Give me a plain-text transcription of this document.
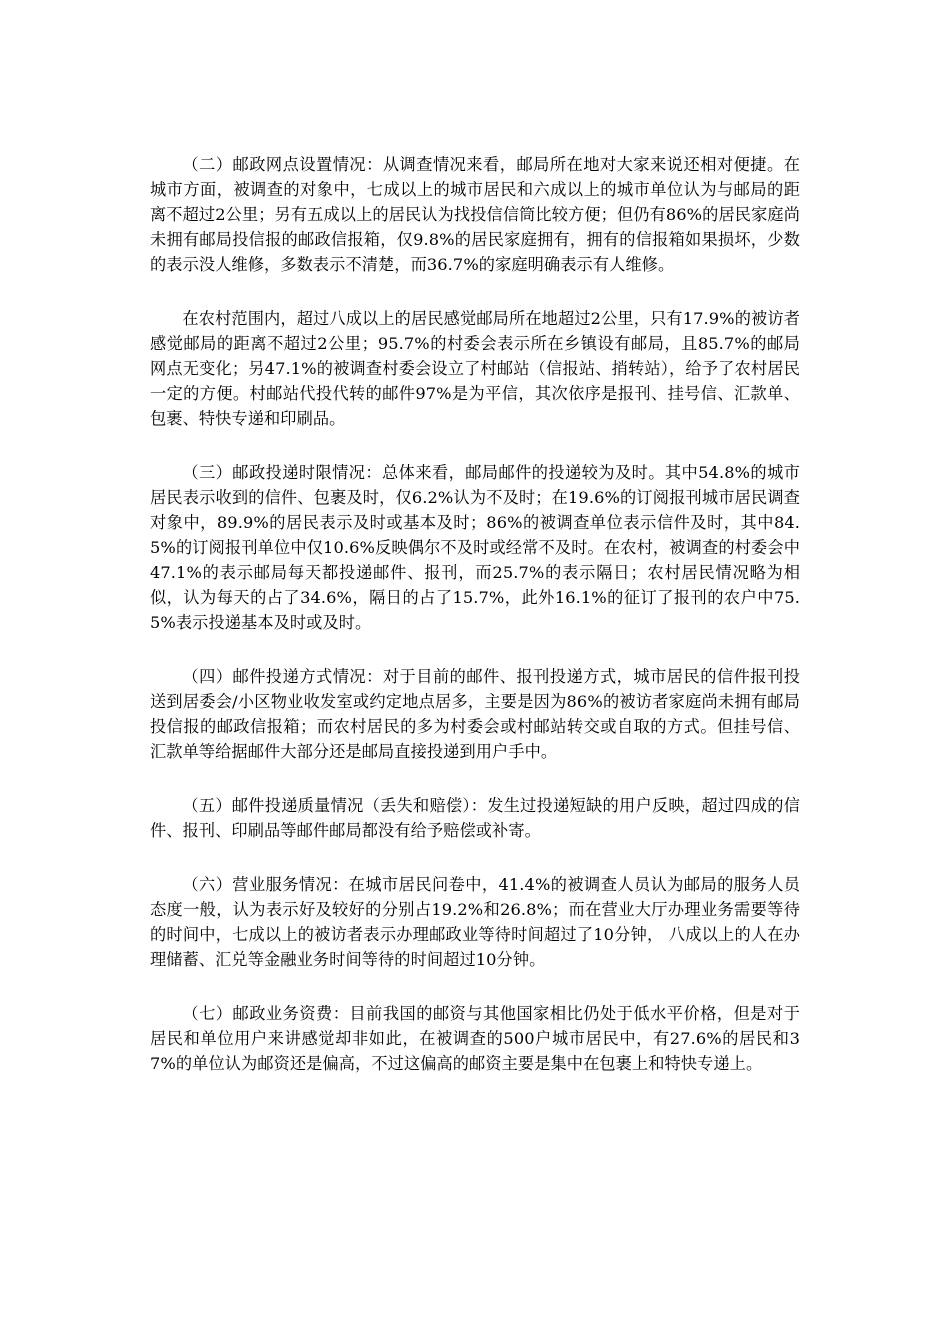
（二）邮政网点设置情况：从调查情况来看，邮局所在地对大家来说还相对便捷。在城市方面，被调查的对象中，七成以上的城市居民和六成以上的城市单位认为与邮局的距离不超过2公里；另有五成以上的居民认为找投信信筒比较方便；但仍有86%的居民家庭尚未拥有邮局投信报的邮政信报箱，仅9.8%的居民家庭拥有，拥有的信报箱如果损坏，少数的表示没人维修，多数表示不清楚，而36.7%的家庭明确表示有人维修。

在农村范围内，超过八成以上的居民感觉邮局所在地超过2公里，只有17.9%的被访者感觉邮局的距离不超过2公里；95.7%的村委会表示所在乡镇设有邮局，且85.7%的邮局网点无变化；另47.1%的被调查村委会设立了村邮站（信报站、捎转站），给予了农村居民一定的方便。村邮站代投代转的邮件97%是为平信，其次依序是报刊、挂号信、汇款单、包裹、特快专递和印刷品。

（三）邮政投递时限情况：总体来看，邮局邮件的投递较为及时。其中54.8%的城市居民表示收到的信件、包裹及时，仅6.2%认为不及时；在19.6%的订阅报刊城市居民调查对象中，89.9%的居民表示及时或基本及时；86%的被调查单位表示信件及时，其中84.5%的订阅报刊单位中仅10.6%反映偶尔不及时或经常不及时。在农村，被调查的村委会中47.1%的表示邮局每天都投递邮件、报刊，而25.7%的表示隔日；农村居民情况略为相似，认为每天的占了34.6%，隔日的占了15.7%，此外16.1%的征订了报刊的农户中75.5%表示投递基本及时或及时。

（四）邮件投递方式情况：对于目前的邮件、报刊投递方式，城市居民的信件报刊投送到居委会/小区物业收发室或约定地点居多，主要是因为86%的被访者家庭尚未拥有邮局投信报的邮政信报箱；而农村居民的多为村委会或村邮站转交或自取的方式。但挂号信、汇款单等给据邮件大部分还是邮局直接投递到用户手中。

（五）邮件投递质量情况（丢失和赔偿）：发生过投递短缺的用户反映，超过四成的信件、报刊、印刷品等邮件邮局都没有给予赔偿或补寄。

（六）营业服务情况：在城市居民问卷中，41.4%的被调查人员认为邮局的服务人员态度一般，认为表示好及较好的分别占19.2%和26.8%；而在营业大厅办理业务需要等待的时间中，七成以上的被访者表示办理邮政业等待时间超过了10分钟， 八成以上的人在办理储蓄、汇兑等金融业务时间等待的时间超过10分钟。

（七）邮政业务资费：目前我国的邮资与其他国家相比仍处于低水平价格，但是对于居民和单位用户来讲感觉却非如此，在被调查的500户城市居民中，有27.6%的居民和37%的单位认为邮资还是偏高，不过这偏高的邮资主要是集中在包裹上和特快专递上。
